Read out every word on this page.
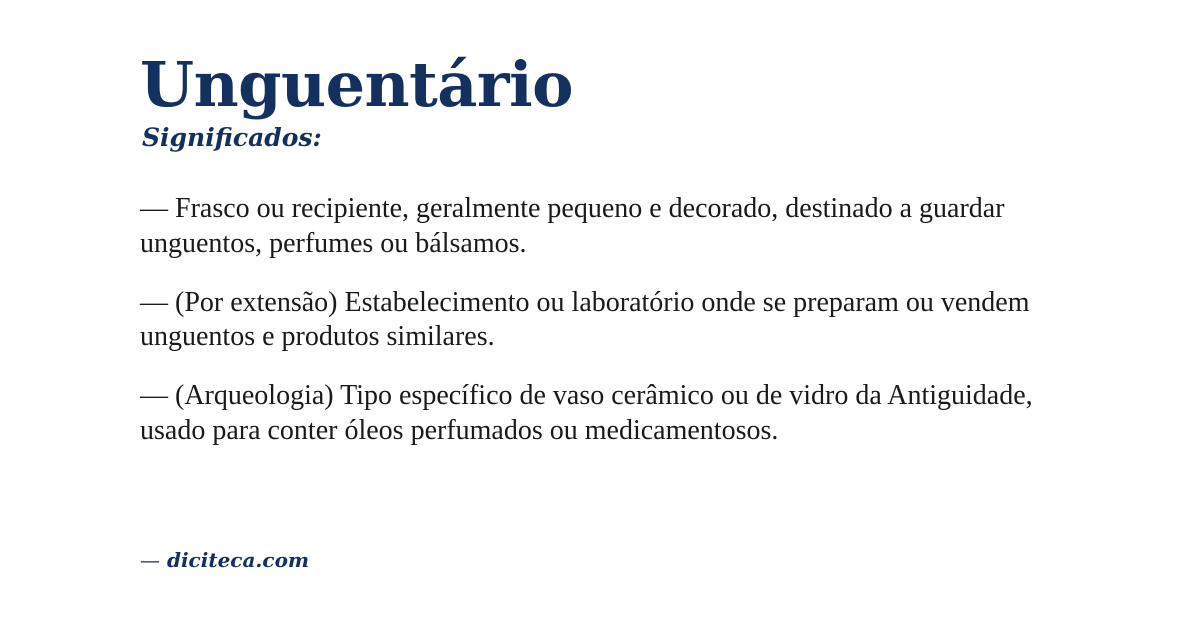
Unguentário
Significados:

— Frasco ou recipiente, geralmente pequeno e decorado, destinado a guardar unguentos, perfumes ou bálsamos.

— (Por extensão) Estabelecimento ou laboratório onde se preparam ou vendem unguentos e produtos similares.

— (Arqueologia) Tipo específico de vaso cerâmico ou de vidro da Antiguidade, usado para conter óleos perfumados ou medicamentosos.

— diciteca.com
